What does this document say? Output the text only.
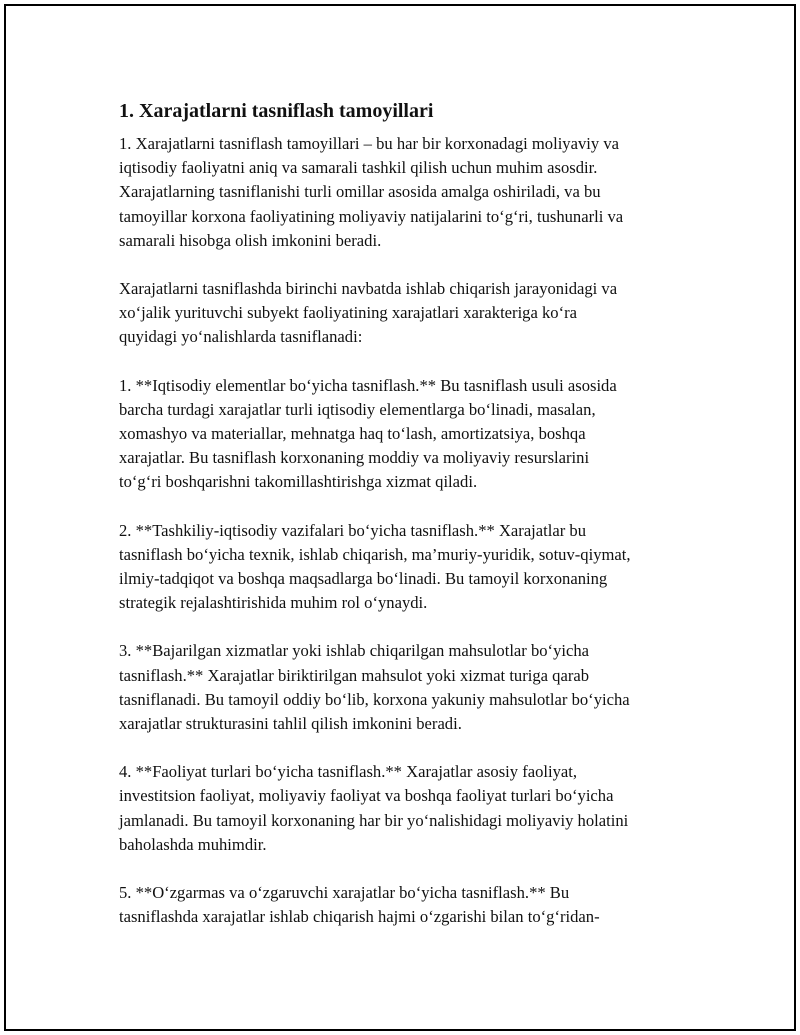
1. Xarajatlarni tasniflash tamoyillari
1. Xarajatlarni tasniflash tamoyillari – bu har bir korxonadagi moliyaviy va
iqtisodiy faoliyatni aniq va samarali tashkil qilish uchun muhim asosdir.
Xarajatlarning tasniflanishi turli omillar asosida amalga oshiriladi, va bu
tamoyillar korxona faoliyatining moliyaviy natijalarini to‘g‘ri, tushunarli va
samarali hisobga olish imkonini beradi.
Xarajatlarni tasniflashda birinchi navbatda ishlab chiqarish jarayonidagi va
xo‘jalik yurituvchi subyekt faoliyatining xarajatlari xarakteriga ko‘ra
quyidagi yo‘nalishlarda tasniflanadi:
1. **Iqtisodiy elementlar bo‘yicha tasniflash.** Bu tasniflash usuli asosida
barcha turdagi xarajatlar turli iqtisodiy elementlarga bo‘linadi, masalan,
xomashyo va materiallar, mehnatga haq to‘lash, amortizatsiya, boshqa
xarajatlar. Bu tasniflash korxonaning moddiy va moliyaviy resurslarini
to‘g‘ri boshqarishni takomillashtirishga xizmat qiladi.
2. **Tashkiliy-iqtisodiy vazifalari bo‘yicha tasniflash.** Xarajatlar bu
tasniflash bo‘yicha texnik, ishlab chiqarish, ma’muriy-yuridik, sotuv-qiymat,
ilmiy-tadqiqot va boshqa maqsadlarga bo‘linadi. Bu tamoyil korxonaning
strategik rejalashtirishida muhim rol o‘ynaydi.
3. **Bajarilgan xizmatlar yoki ishlab chiqarilgan mahsulotlar bo‘yicha
tasniflash.** Xarajatlar biriktirilgan mahsulot yoki xizmat turiga qarab
tasniflanadi. Bu tamoyil oddiy bo‘lib, korxona yakuniy mahsulotlar bo‘yicha
xarajatlar strukturasini tahlil qilish imkonini beradi.
4. **Faoliyat turlari bo‘yicha tasniflash.** Xarajatlar asosiy faoliyat,
investitsion faoliyat, moliyaviy faoliyat va boshqa faoliyat turlari bo‘yicha
jamlanadi. Bu tamoyil korxonaning har bir yo‘nalishidagi moliyaviy holatini
baholashda muhimdir.
5. **O‘zgarmas va o‘zgaruvchi xarajatlar bo‘yicha tasniflash.** Bu
tasniflashda xarajatlar ishlab chiqarish hajmi o‘zgarishi bilan to‘g‘ridan-
